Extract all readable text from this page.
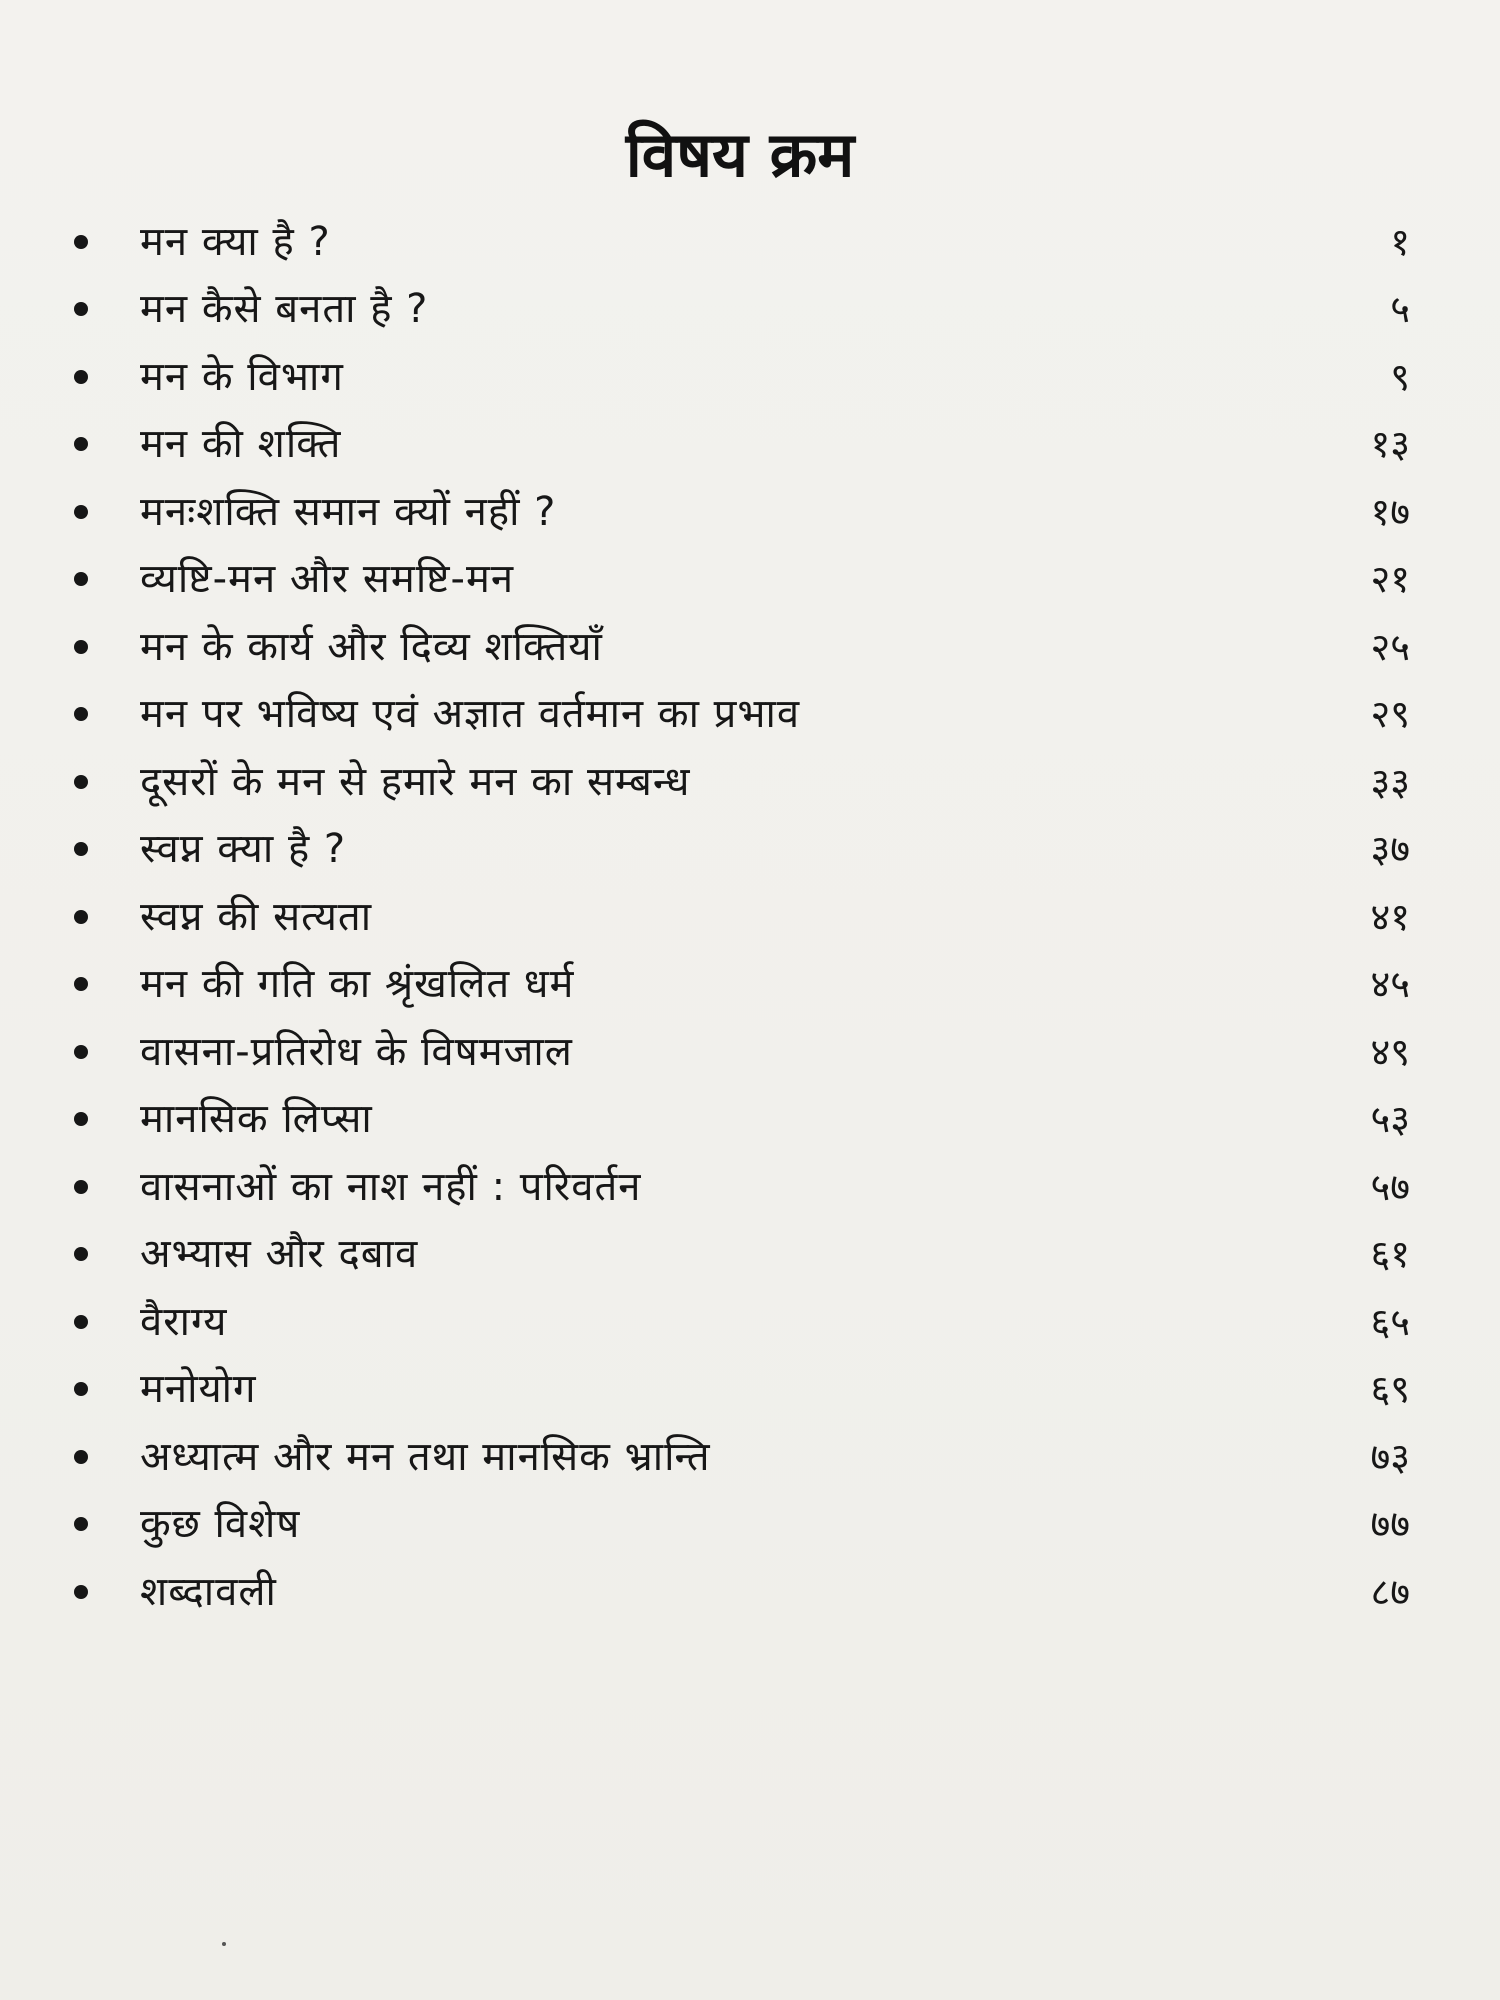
विषय क्रम
मन क्या है ?	१
मन कैसे बनता है ?	५
मन के विभाग	९
मन की शक्ति	१३
मनःशक्ति समान क्यों नहीं ?	१७
व्यष्टि-मन और समष्टि-मन	२१
मन के कार्य और दिव्य शक्तियाँ	२५
मन पर भविष्य एवं अज्ञात वर्तमान का प्रभाव	२९
दूसरों के मन से हमारे मन का सम्बन्ध	३३
स्वप्न क्या है ?	३७
स्वप्न की सत्यता	४१
मन की गति का श्रृंखलित धर्म	४५
वासना-प्रतिरोध के विषमजाल	४९
मानसिक लिप्सा	५३
वासनाओं का नाश नहीं : परिवर्तन	५७
अभ्यास और दबाव	६१
वैराग्य	६५
मनोयोग	६९
अध्यात्म और मन तथा मानसिक भ्रान्ति	७३
कुछ विशेष	७७
शब्दावली	८७
